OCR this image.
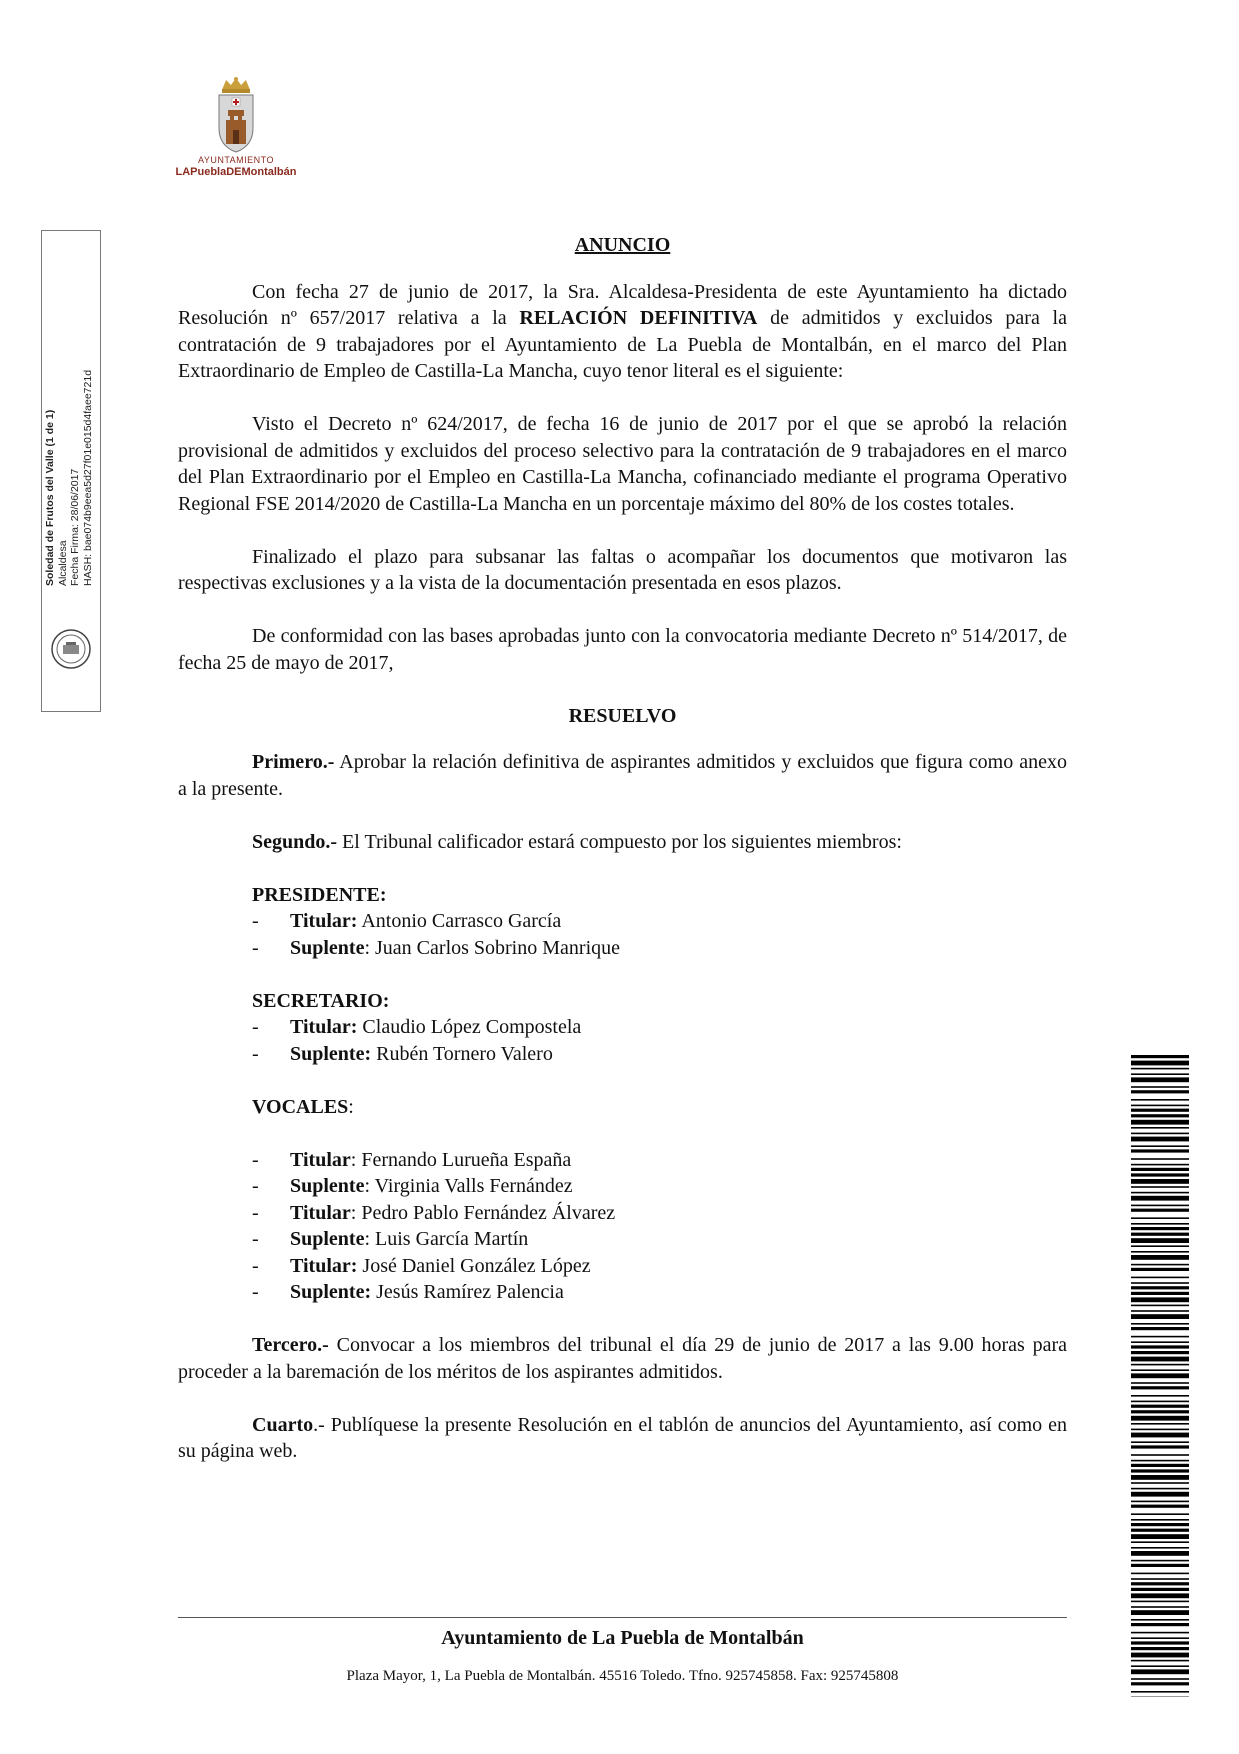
AYUNTAMIENTO
LAPueblaDEMontalbán
Soledad de Frutos del Valle (1 de 1) Alcaldesa Fecha Firma: 28/06/2017 HASH: bae074b9eea5d27f01e015d4faee721d
ANUNCIO

Con fecha 27 de junio de 2017, la Sra. Alcaldesa-Presidenta de este Ayuntamiento ha dictado Resolución nº 657/2017 relativa a la RELACIÓN DEFINITIVA de admitidos y excluidos para la contratación de 9 trabajadores por el Ayuntamiento de La Puebla de Montalbán, en el marco del Plan Extraordinario de Empleo de Castilla-La Mancha, cuyo tenor literal es el siguiente:

Visto el Decreto nº 624/2017, de fecha 16 de junio de 2017 por el que se aprobó la relación provisional de admitidos y excluidos del proceso selectivo para la contratación de 9 trabajadores en el marco del Plan Extraordinario por el Empleo en Castilla-La Mancha, cofinanciado mediante el programa Operativo Regional FSE 2014/2020 de Castilla-La Mancha en un porcentaje máximo del 80% de los costes totales.

Finalizado el plazo para subsanar las faltas o acompañar los documentos que motivaron las respectivas exclusiones y a la vista de la documentación presentada en esos plazos.

De conformidad con las bases aprobadas junto con la convocatoria mediante Decreto nº 514/2017, de fecha 25 de mayo de 2017,

RESUELVO

Primero.- Aprobar la relación definitiva de aspirantes admitidos y excluidos que figura como anexo a la presente.

Segundo.- El Tribunal calificador estará compuesto por los siguientes miembros:

PRESIDENTE:
-	Titular: Antonio Carrasco García
-	Suplente: Juan Carlos Sobrino Manrique
SECRETARIO:
-	Titular: Claudio López Compostela
-	Suplente: Rubén Tornero Valero
VOCALES:
-	Titular: Fernando Lurueña España
-	Suplente: Virginia Valls Fernández
-	Titular: Pedro Pablo Fernández Álvarez
-	Suplente: Luis García Martín
-	Titular: José Daniel González López
-	Suplente: Jesús Ramírez Palencia

Tercero.- Convocar a los miembros del tribunal el día 29 de junio de 2017 a las 9.00 horas para proceder a la baremación de los méritos de los aspirantes admitidos.

Cuarto.- Publíquese la presente Resolución en el tablón de anuncios del Ayuntamiento, así como en su página web.

Ayuntamiento de La Puebla de Montalbán
Plaza Mayor, 1, La Puebla de Montalbán. 45516 Toledo. Tfno. 925745858. Fax: 925745808
